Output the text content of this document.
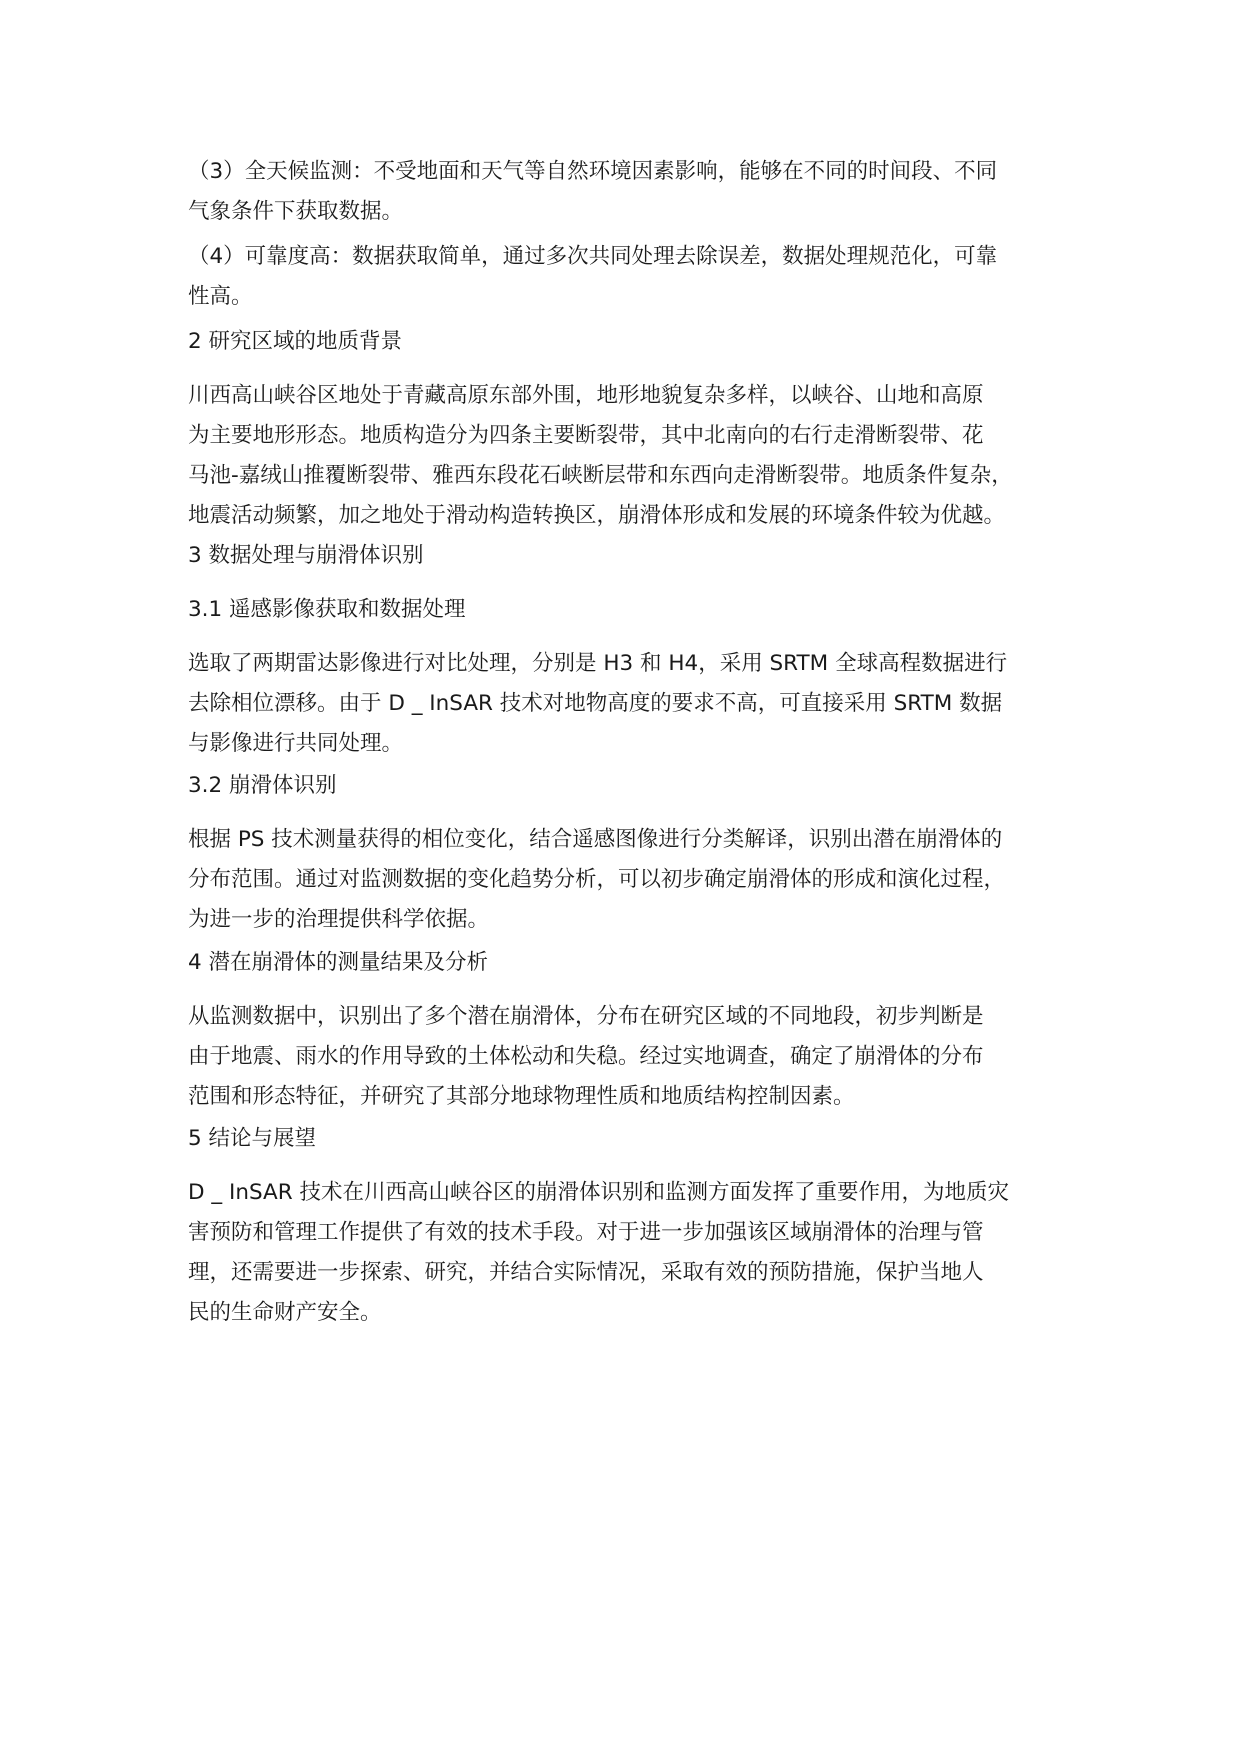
（3）全天候监测：不受地面和天气等自然环境因素影响，能够在不同的时间段、不同
气象条件下获取数据。
（4）可靠度高：数据获取简单，通过多次共同处理去除误差，数据处理规范化，可靠
性高。
2 研究区域的地质背景
川西高山峡谷区地处于青藏高原东部外围，地形地貌复杂多样，以峡谷、山地和高原
为主要地形形态。地质构造分为四条主要断裂带，其中北南向的右行走滑断裂带、花
马池-嘉绒山推覆断裂带、雅西东段花石峡断层带和东西向走滑断裂带。地质条件复杂，
地震活动频繁，加之地处于滑动构造转换区，崩滑体形成和发展的环境条件较为优越。
3 数据处理与崩滑体识别
3.1 遥感影像获取和数据处理
选取了两期雷达影像进行对比处理，分别是 H3 和 H4，采用 SRTM 全球高程数据进行
去除相位漂移。由于 D _ InSAR 技术对地物高度的要求不高，可直接采用 SRTM 数据
与影像进行共同处理。
3.2 崩滑体识别
根据 PS 技术测量获得的相位变化，结合遥感图像进行分类解译，识别出潜在崩滑体的
分布范围。通过对监测数据的变化趋势分析，可以初步确定崩滑体的形成和演化过程，
为进一步的治理提供科学依据。
4 潜在崩滑体的测量结果及分析
从监测数据中，识别出了多个潜在崩滑体，分布在研究区域的不同地段，初步判断是
由于地震、雨水的作用导致的土体松动和失稳。经过实地调查，确定了崩滑体的分布
范围和形态特征，并研究了其部分地球物理性质和地质结构控制因素。
5 结论与展望
D _ InSAR 技术在川西高山峡谷区的崩滑体识别和监测方面发挥了重要作用，为地质灾
害预防和管理工作提供了有效的技术手段。对于进一步加强该区域崩滑体的治理与管
理，还需要进一步探索、研究，并结合实际情况，采取有效的预防措施，保护当地人
民的生命财产安全。
